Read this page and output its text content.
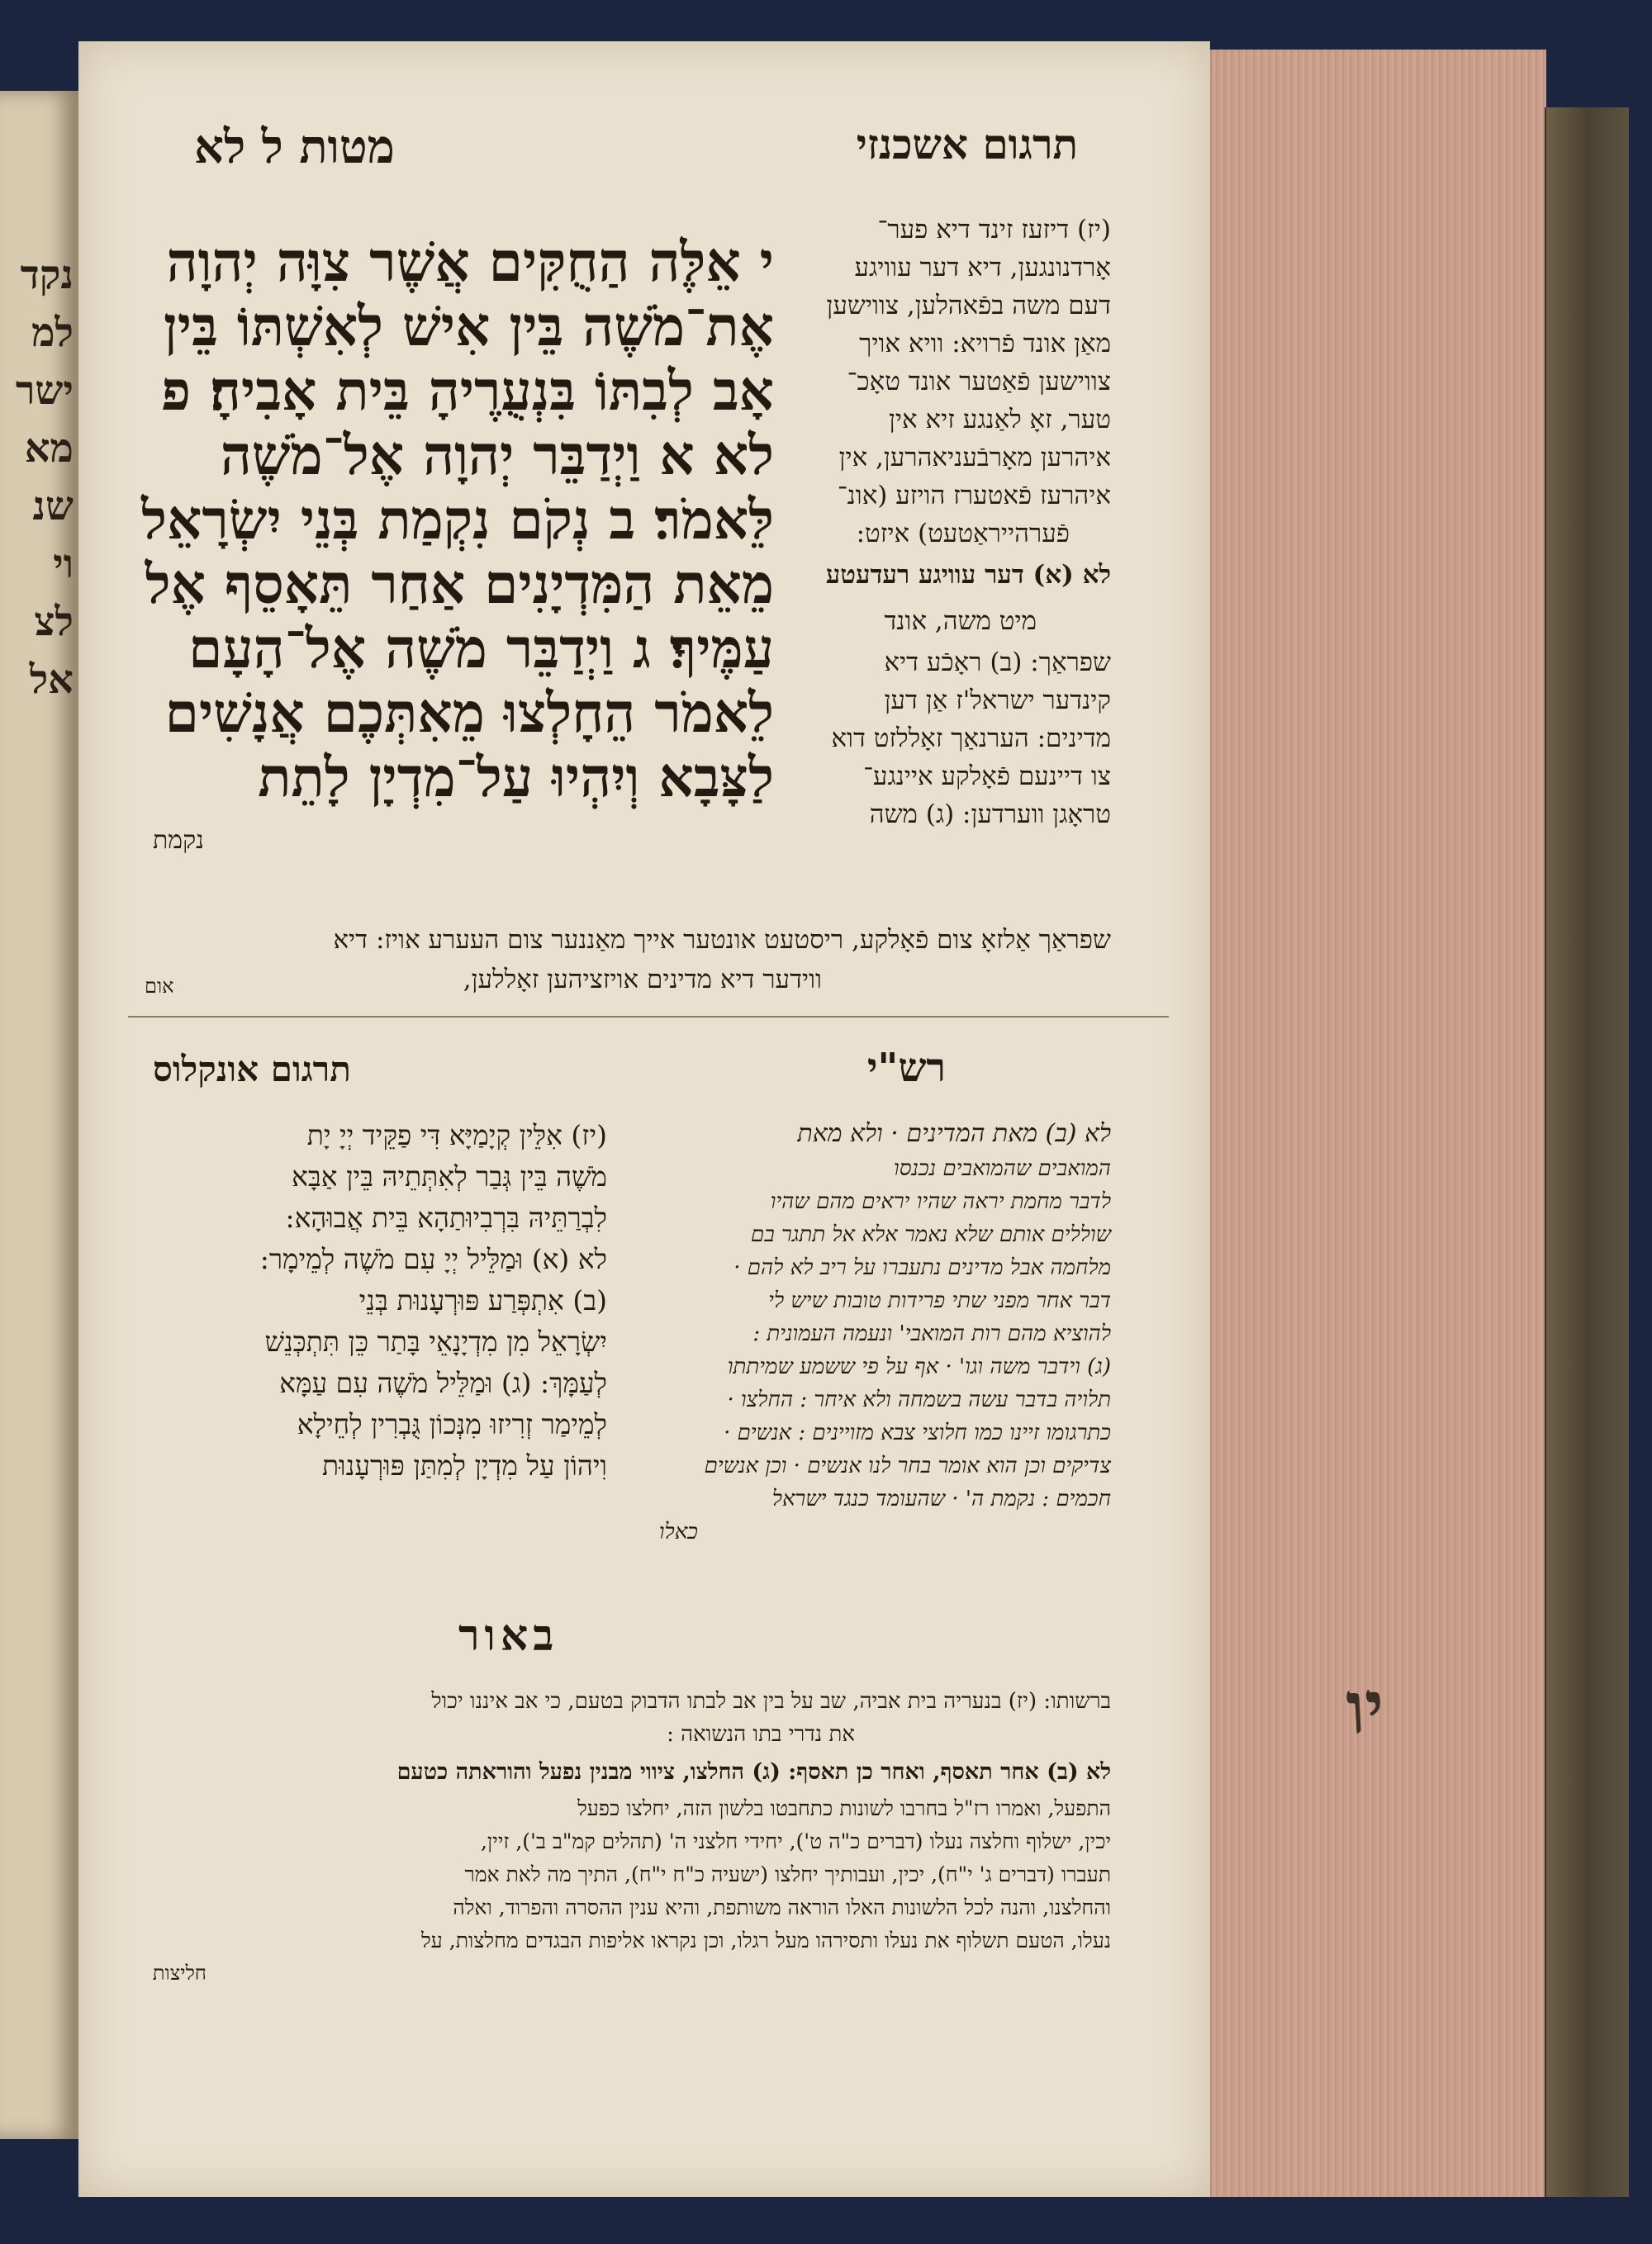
נקד
למ
ישר
מא
שנ
וי
לצ
אל
תרגום אשכנזי
מטות ל לא
י אֵלֶּה הַחֻקִּים אֲשֶׁר צִוָּה יְהוָה
אֶת־מֹשֶׁה בֵּין אִישׁ לְאִשְׁתּוֹ בֵּין
אָב לְבִתּוֹ בִּנְעֻרֶיהָ בֵּית אָבִיהָ׃ פ
לא א וַיְדַבֵּר יְהוָה אֶל־מֹשֶׁה
לֵּאמֹר׃ ב נְקֹם נִקְמַת בְּנֵי יִשְׂרָאֵל
מֵאֵת הַמִּדְיָנִים אַחַר תֵּאָסֵף אֶל
עַמֶּיךָ׃ ג וַיְדַבֵּר מֹשֶׁה אֶל־הָעָם
לֵאמֹר הֵחָלְצוּ מֵאִתְּכֶם אֲנָשִׁים
לַצָּבָא וְיִהְיוּ עַל־מִדְיָן לָתֵת
נקמת
(יז) דיזעז זינד דיא פער־
אָרדנונגען, דיא דער עוויגע
דעם משה בפֿאהלען, צווישען
מאַן אונד פֿרויא: וויא אויך
צווישען פֿאַטער אונד טאָכ־
טער, זאָ לאַנגע זיא אין
איהרען מאָרבֿעניאהרען, אין
איהרעז פֿאטערז הויזע (אונ־
פֿערהייראַטעט) איזט:
לא (א) דער עוויגע רעדעטע
מיט משה, אונד
שפראַך: (ב) ראָכֿע דיא
קינדער ישראל'ז אַן דען
מדינים: הערנאַך זאָללזט דוא
צו דיינעם פֿאָלקע איינגע־
טראָגן ווערדען: (ג) משה
שפראַך אַלזאָ צום פֿאָלקע, ריסטעט אונטער אייך מאַננער צום העערע אויז: דיא
ווידער דיא מדינים אויזציהען זאָללען,
אום
רש"י
תרגום אונקלוס
לא (ב) מאת המדינים · ולא מאת
המואבים שהמואבים נכנסו
לדבר מחמת יראה שהיו יראים מהם שהיו
שוללים אותם שלא נאמר אלא אל תתגר בם
מלחמה אבל מדינים נתעברו על ריב לא להם ·
דבר אחר מפני שתי פרידות טובות שיש לי
להוציא מהם רות המואבי' ונעמה העמונית :
(ג) וידבר משה וגו' · אף על פי ששמע שמיתתו
תלויה בדבר עשה בשמחה ולא איחר : החלצו ·
כתרגומו זיינו כמו חלוצי צבא מזויינים : אנשים ·
צדיקים וכן הוא אומר בחר לנו אנשים · וכן אנשים
חכמים : נקמת ה' · שהעומד כנגד ישראל
כאלו
(יז) אִלֵּין קְיָמַיָּא דִּי פַקֵּיד יְיָ יָת
מֹשֶׁה בֵּין גְּבַר לְאִתְּתֵיהּ בֵּין אַבָּא
לִבְרַתֵּיהּ בִּרְבִיוּתַהָא בֵּית אֲבוּהָא:
לא (א) וּמַלֵּיל יְיָ עִם מֹשֶׁה לְמֵימָר:
(ב) אִתְפְּרַע פּוּרְעָנוּת בְּנֵי
יִשְׂרָאֵל מִן מִדְיָנָאֵי בָּתַר כֵּן תִּתְכְּנֵשׁ
לְעַמָּךְ: (ג) וּמַלֵּיל מֹשֶׁה עִם עַמָּא
לְמֵימַר זְרִיזוּ מִנְּכוֹן גֻּבְרִין לְחֵילָא
וִיהוֹן עַל מִדְיָן לְמִתַּן פּוּרְעָנוּת
באור
ברשותו: (יז) בנעריה בית אביה, שב על בין אב לבתו הדבוק בטעם, כי אב איננו יכול
את נדרי בתו הנשואה :
לא (ב) אחר תאסף, ואחר כן תאסף: (ג) החלצו, ציווי מבנין נפעל והוראתה כטעם
התפעל, ואמרו רז"ל בחרבו לשונות כתחבטו בלשון הזה, יחלצו כפעל
יכין, ישלוף וחלצה נעלו (דברים כ"ה ט'), יחידי חלצני ה' (תהלים קמ"ב ב'), זיין,
תעברו (דברים ג' י"ח), יכין, ועבותיך יחלצו (ישעיה כ"ח י"ח), התיך מה לאת אמר
והחלצנו, והנה לכל הלשונות האלו הוראה משותפת, והיא ענין ההסרה והפרוד, ואלה
נעלו, הטעם תשלוף את נעלו ותסירהו מעל רגלו, וכן נקראו אליפות הבגדים מחלצות, על
חליצות
יו
